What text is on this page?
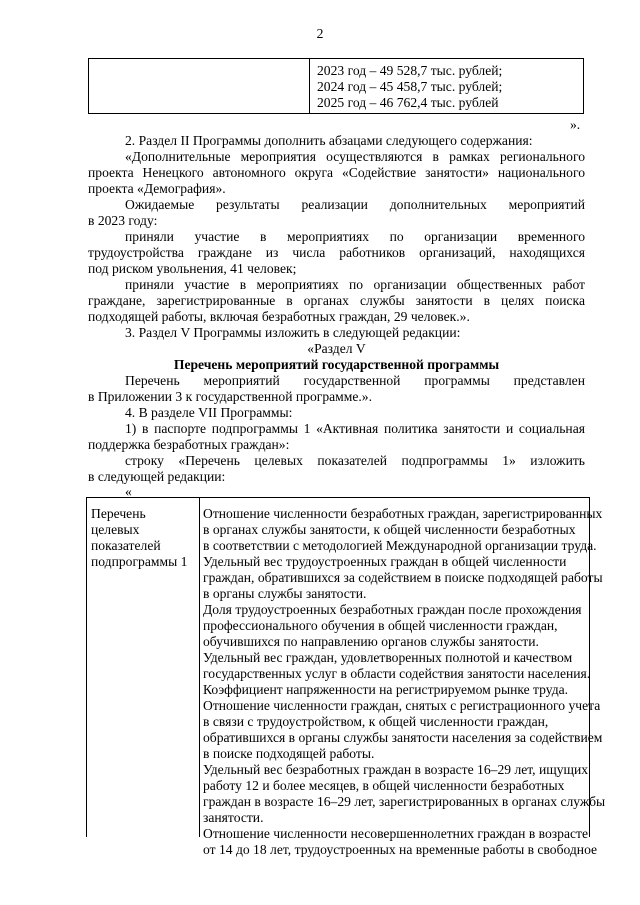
2
2023 год – 49 528,7 тыс. рублей;
2024 год – 45 458,7 тыс. рублей;
2025 год – 46 762,4 тыс. рублей
».
2. Раздел II Программы дополнить абзацами следующего содержания:
«Дополнительные мероприятия осуществляются в рамках регионального
проекта Ненецкого автономного округа «Содействие занятости» национального
проекта «Демография».
Ожидаемые результаты реализации дополнительных мероприятий
в 2023 году:
приняли участие в мероприятиях по организации временного
трудоустройства граждане из числа работников организаций, находящихся
под риском увольнения, 41 человек;
приняли участие в мероприятиях по организации общественных работ
граждане, зарегистрированные в органах службы занятости в целях поиска
подходящей работы, включая безработных граждан, 29 человек.».
3. Раздел V Программы изложить в следующей редакции:
«Раздел V
Перечень мероприятий государственной программы
Перечень мероприятий государственной программы представлен
в Приложении 3 к государственной программе.».
4. В разделе VII Программы:
1) в паспорте подпрограммы 1 «Активная политика занятости и социальная
поддержка безработных граждан»:
строку «Перечень целевых показателей подпрограммы 1» изложить
в следующей редакции:
«
Перечень целевых
показателей
подпрограммы 1
Отношение численности безработных граждан, зарегистрированных
в органах службы занятости, к общей численности безработных
в соответствии с методологией Международной организации труда.
Удельный вес трудоустроенных граждан в общей численности
граждан, обратившихся за содействием в поиске подходящей работы
в органы службы занятости.
Доля трудоустроенных безработных граждан после прохождения
профессионального обучения в общей численности граждан,
обучившихся по направлению органов службы занятости.
Удельный вес граждан, удовлетворенных полнотой и качеством
государственных услуг в области содействия занятости населения.
Коэффициент напряженности на регистрируемом рынке труда.
Отношение численности граждан, снятых с регистрационного учета
в связи с трудоустройством, к общей численности граждан,
обратившихся в органы службы занятости населения за содействием
в поиске подходящей работы.
Удельный вес безработных граждан в возрасте 16–29 лет, ищущих
работу 12 и более месяцев, в общей численности безработных
граждан в возрасте 16–29 лет, зарегистрированных в органах службы
занятости.
Отношение численности несовершеннолетних граждан в возрасте
от 14 до 18 лет, трудоустроенных на временные работы в свободное
